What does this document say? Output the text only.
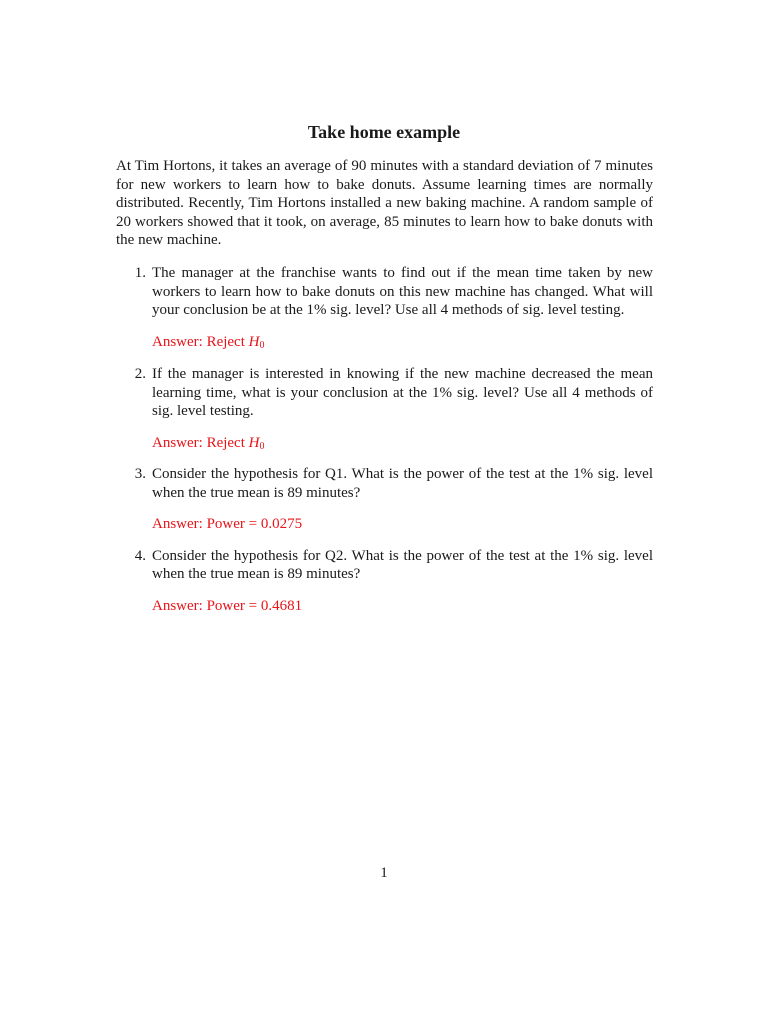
Take home example

At Tim Hortons, it takes an average of 90 minutes with a standard deviation of 7 minutes for new workers to learn how to bake donuts. Assume learning times are normally distributed. Recently, Tim Hortons installed a new baking machine. A random sample of 20 workers showed that it took, on average, 85 minutes to learn how to bake donuts with the new machine.

1. The manager at the franchise wants to find out if the mean time taken by new workers to learn how to bake donuts on this new machine has changed. What will your conclusion be at the 1% sig. level? Use all 4 methods of sig. level testing.
Answer: Reject $H_0$
2. If the manager is interested in knowing if the new machine decreased the mean learning time, what is your conclusion at the 1% sig. level? Use all 4 methods of sig. level testing.
Answer: Reject $H_0$
3. Consider the hypothesis for Q1. What is the power of the test at the 1% sig. level when the true mean is 89 minutes?
Answer: Power = 0.0275
4. Consider the hypothesis for Q2. What is the power of the test at the 1% sig. level when the true mean is 89 minutes?
Answer: Power = 0.4681
1
